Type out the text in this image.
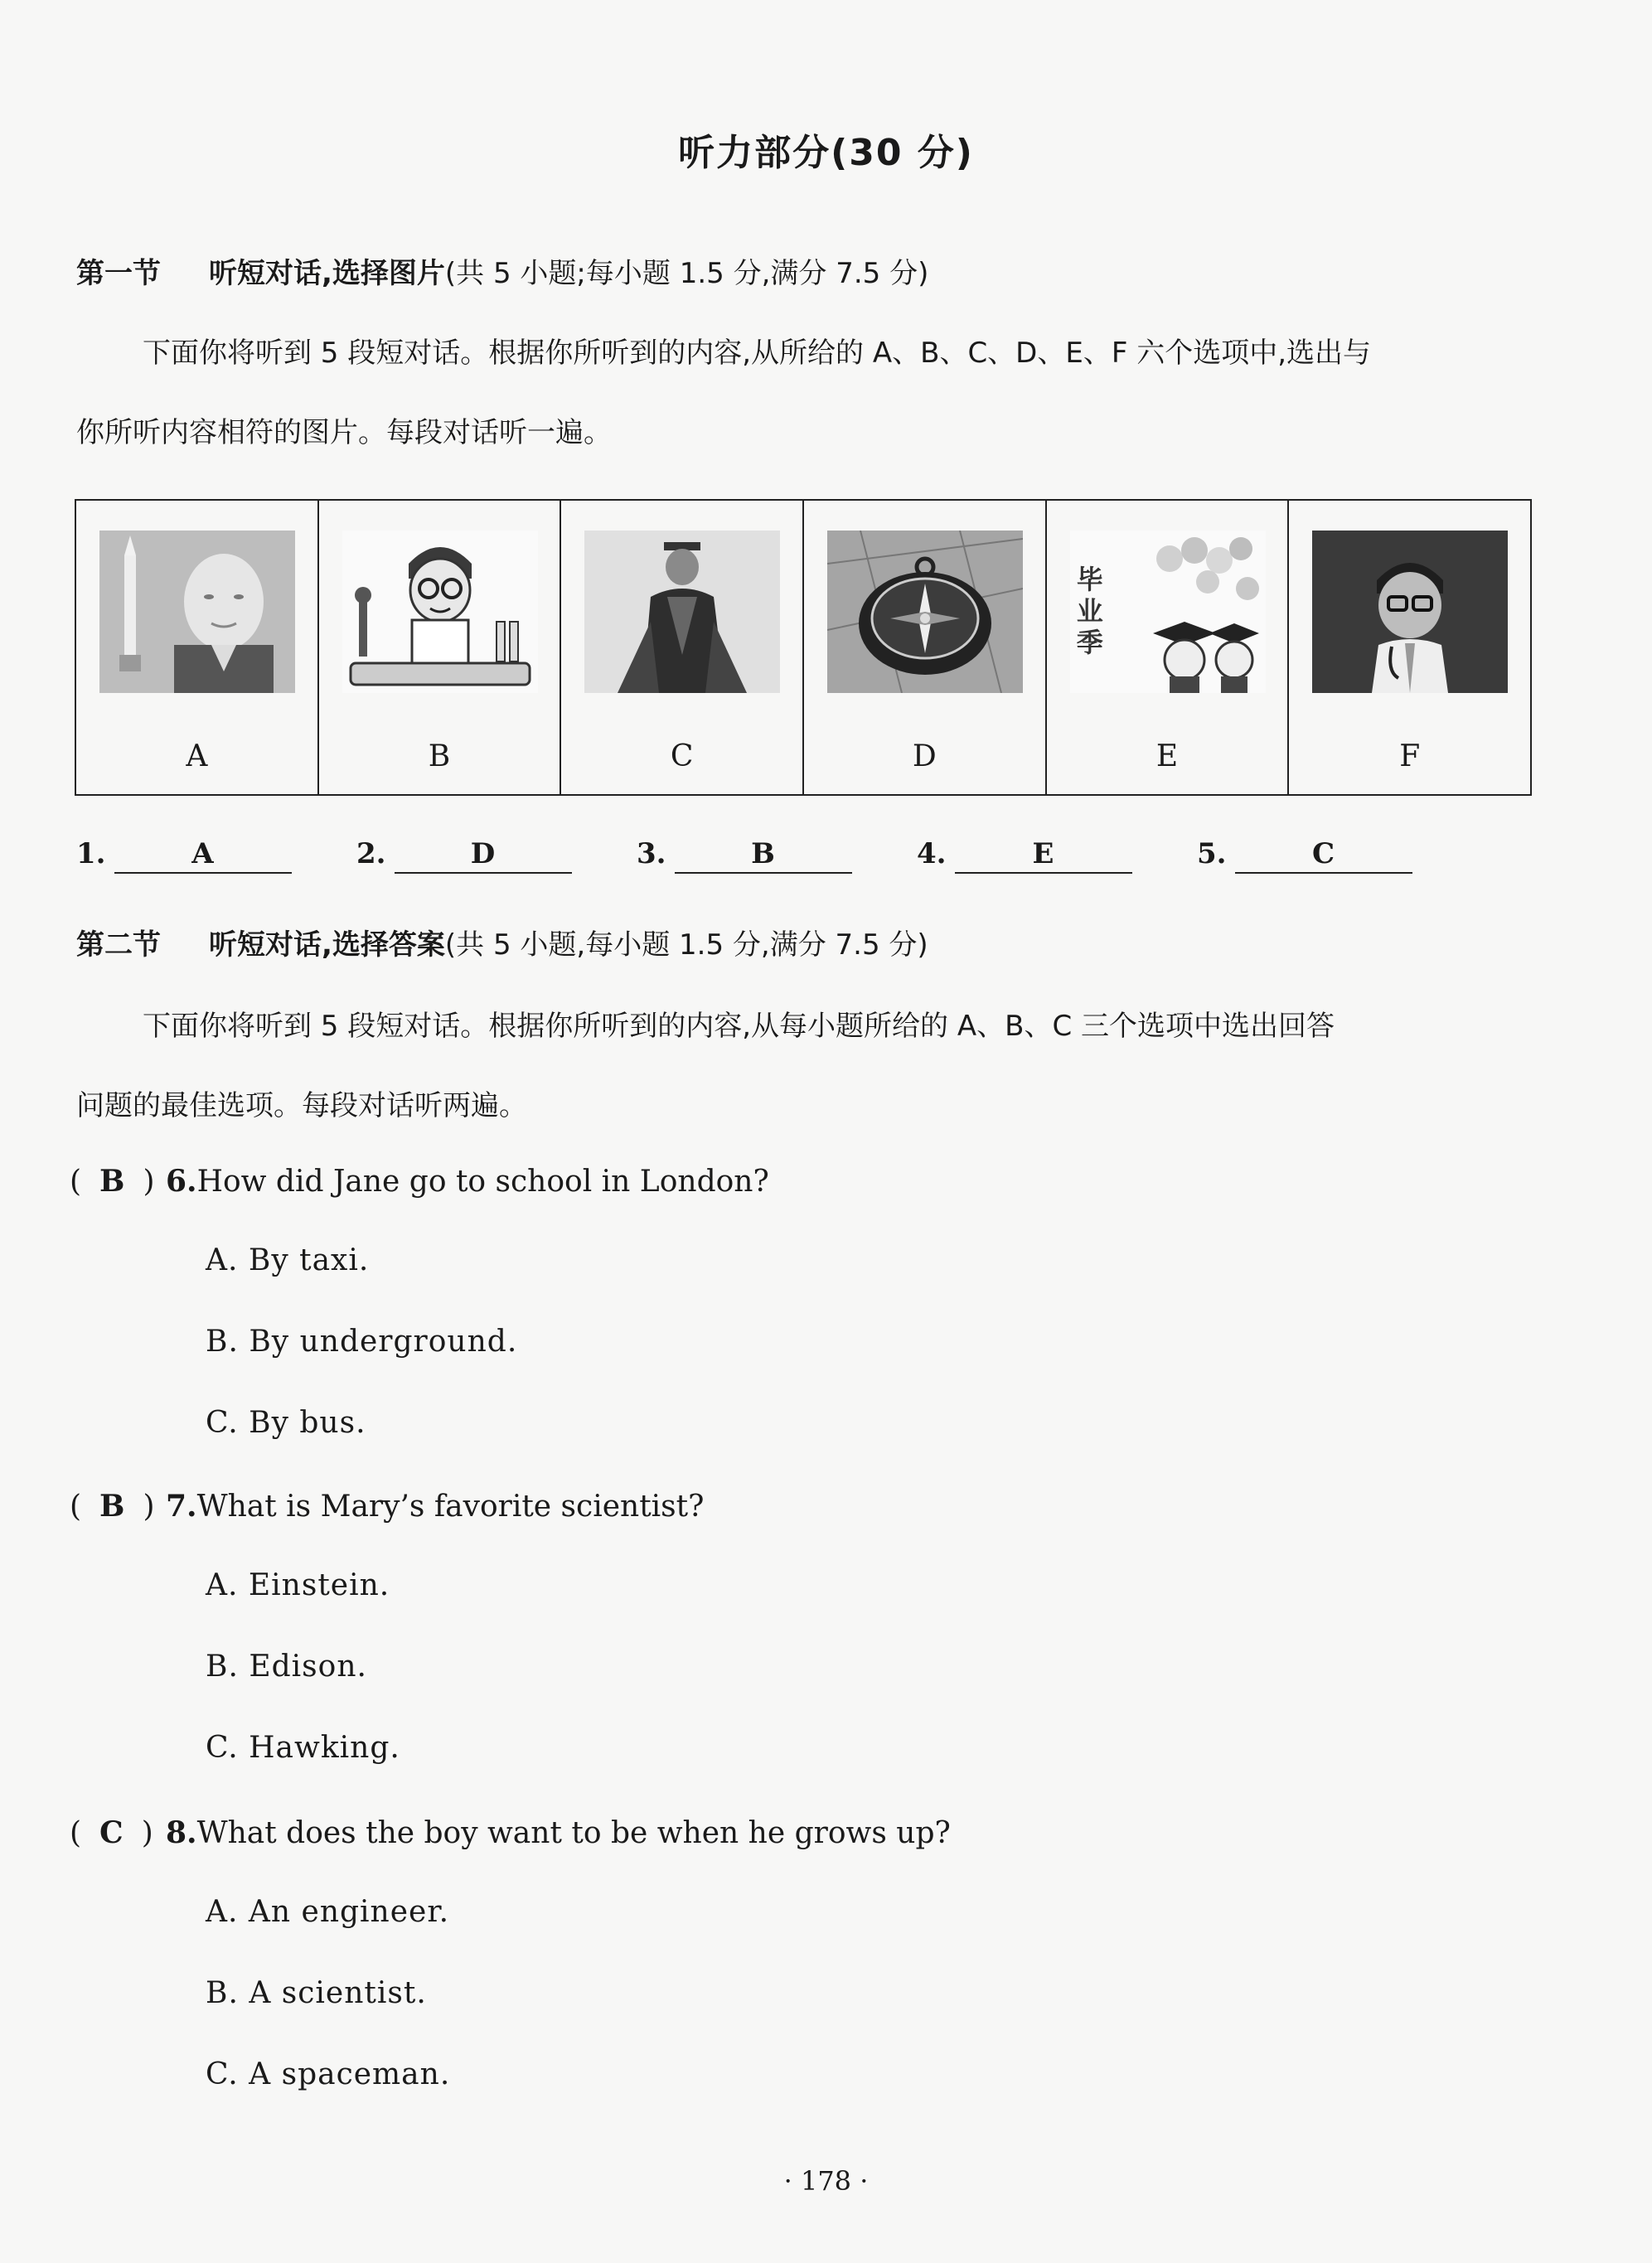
听力部分(30 分)
第一节 听短对话,选择图片(共 5 小题;每小题 1.5 分,满分 7.5 分)
下面你将听到 5 段短对话。根据你所听到的内容,从所给的 A、B、C、D、E、F 六个选项中,选出与
你所听内容相符的图片。每段对话听一遍。
A	B	C	D
毕业季
E	F
1.	A	2.	D	3.	B	4.	E	5.	C
第二节 听短对话,选择答案(共 5 小题,每小题 1.5 分,满分 7.5 分)
下面你将听到 5 段短对话。根据你所听到的内容,从每小题所给的 A、B、C 三个选项中选出回答
问题的最佳选项。每段对话听两遍。
( B ) 6.How did Jane go to school in London?
A. By taxi.
B. By underground.
C. By bus.
( B ) 7.What is Mary’s favorite scientist?
A. Einstein.
B. Edison.
C. Hawking.
( C ) 8.What does the boy want to be when he grows up?
A. An engineer.
B. A scientist.
C. A spaceman.
· 178 ·
